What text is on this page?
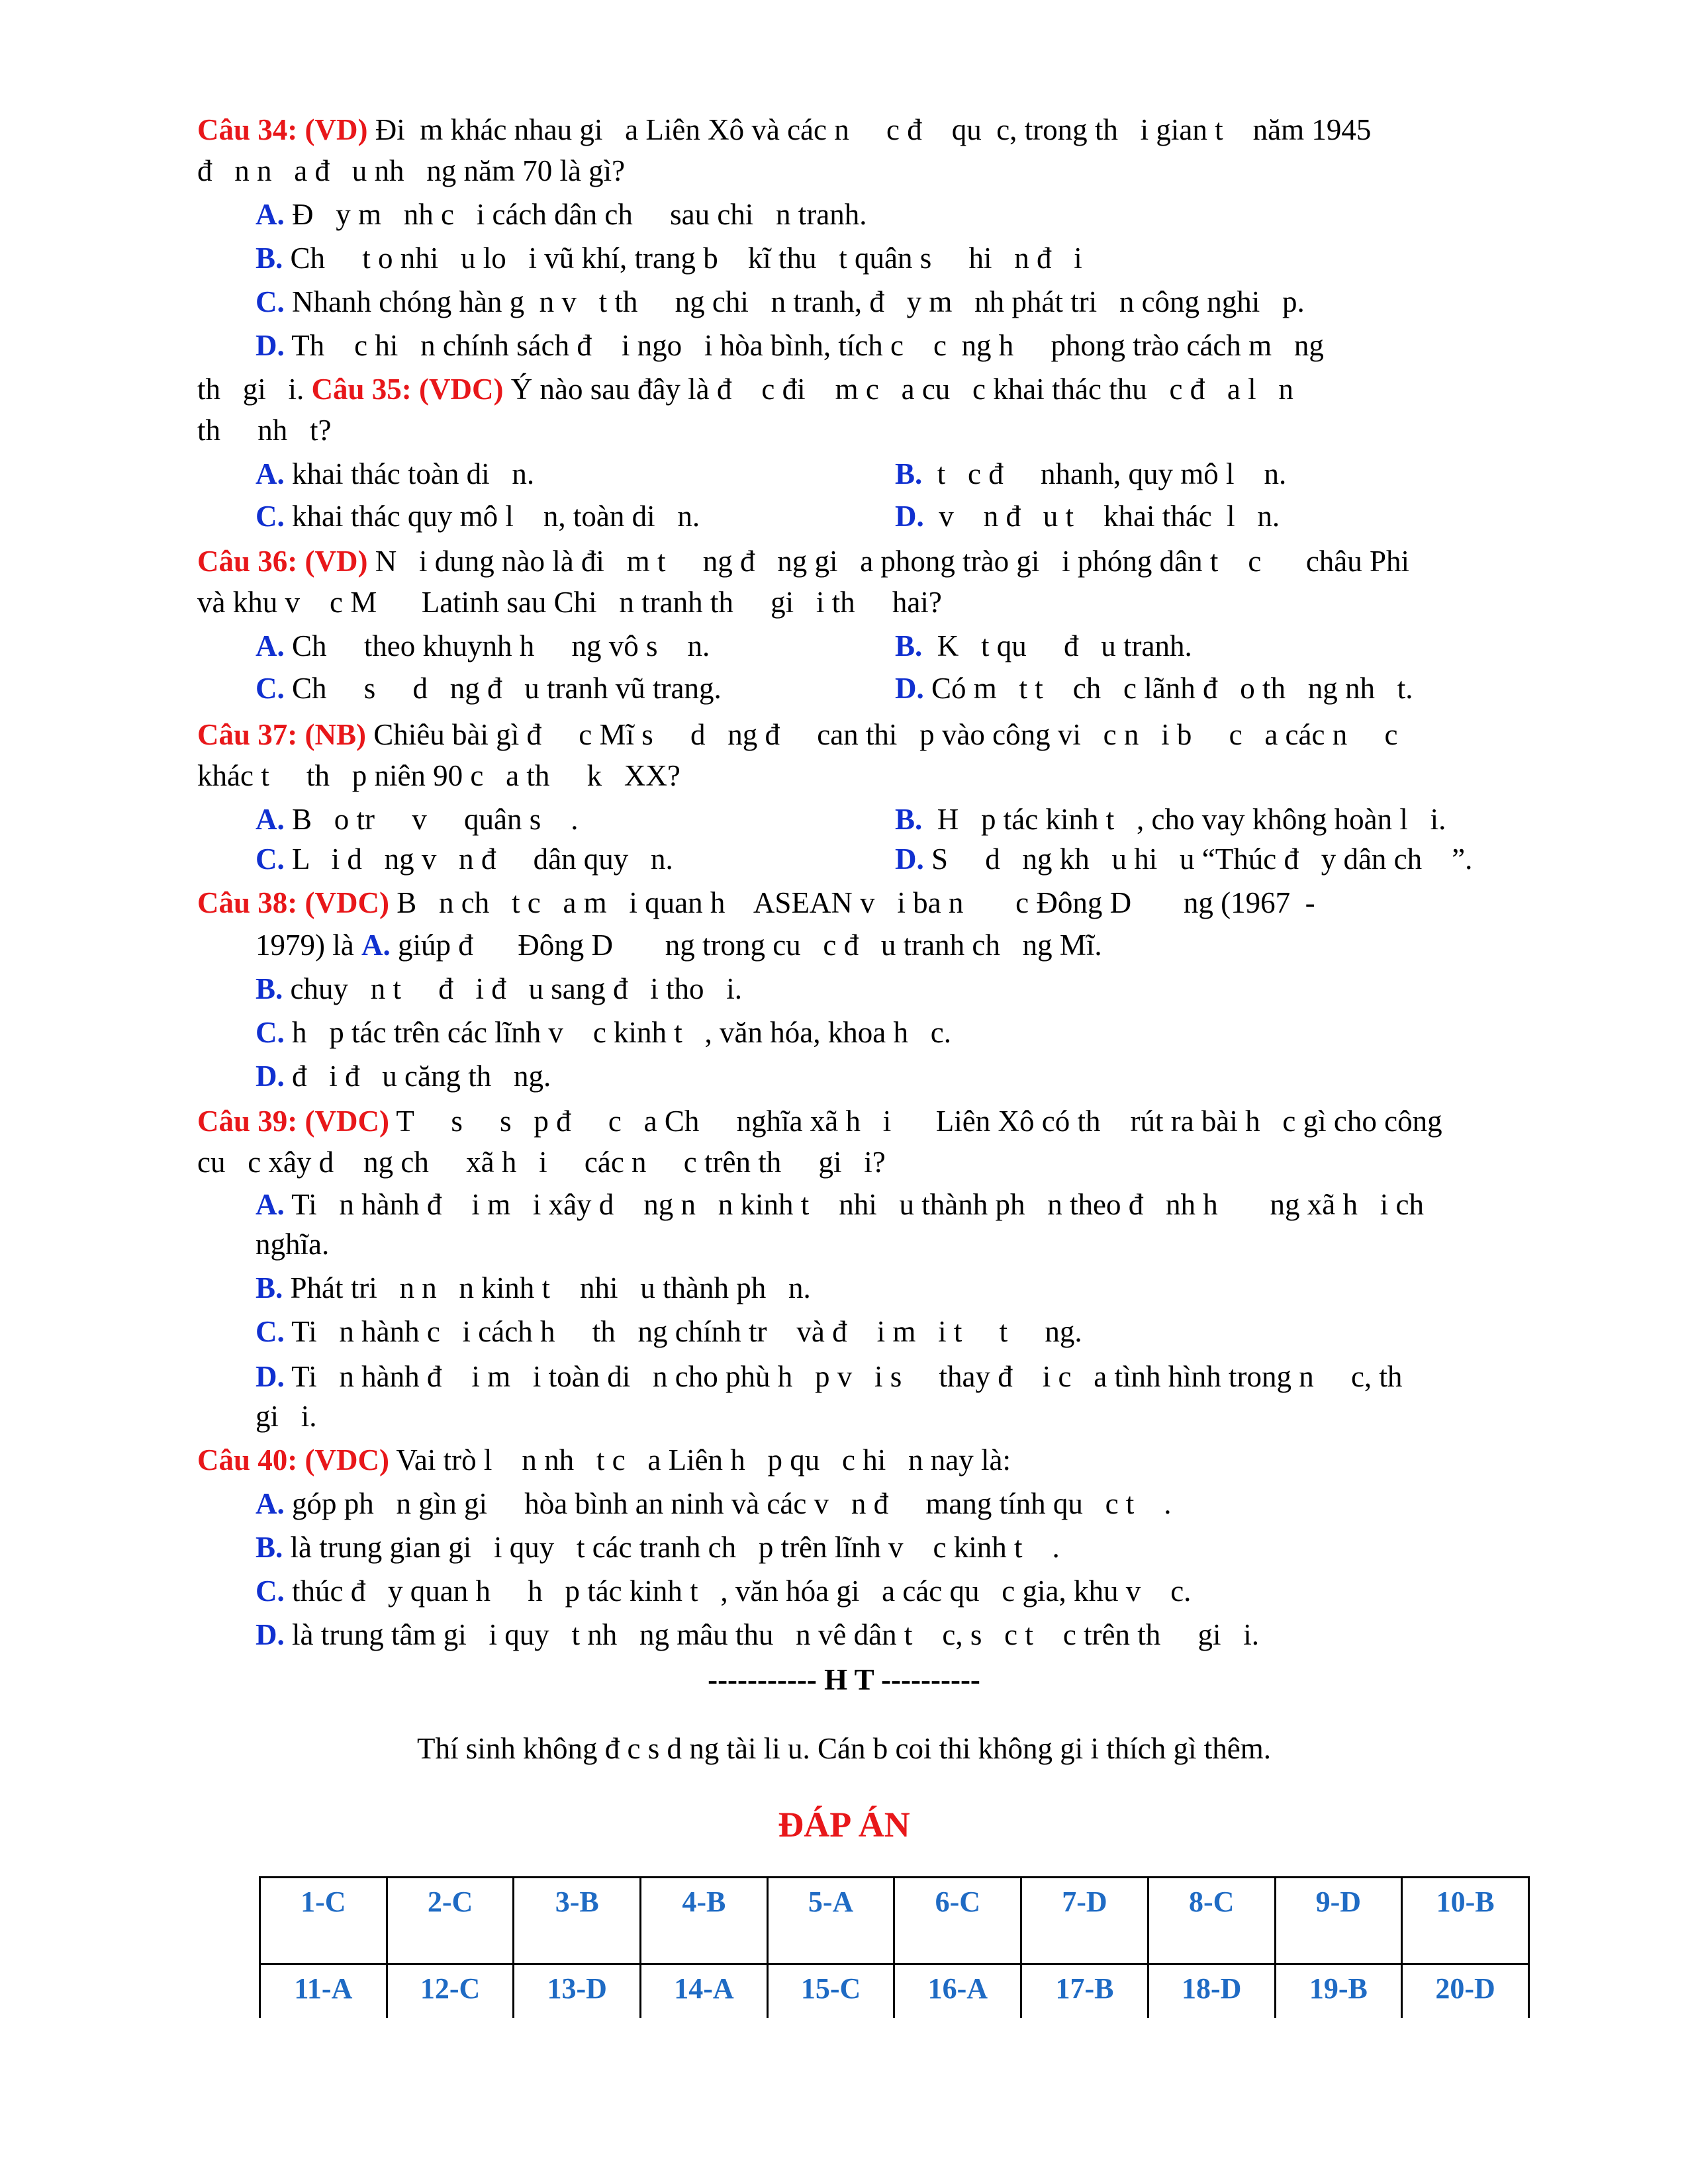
Câu 34: (VD) Đi  m khác nhau gi   a Liên Xô và các n     c đ    qu  c, trong th   i gian t    năm 1945
đ   n n   a đ   u nh   ng năm 70 là gì?
A. Đ   y m   nh c   i cách dân ch     sau chi   n tranh.
B. Ch     t o nhi   u lo   i vũ khí, trang b    kĩ thu   t quân s     hi   n đ   i
C. Nhanh chóng hàn g  n v   t th     ng chi   n tranh, đ   y m   nh phát tri   n công nghi   p.
D. Th    c hi   n chính sách đ    i ngo   i hòa bình, tích c    c  ng h     phong trào cách m   ng
th   gi   i. Câu 35: (VDC) Ý nào sau đây là đ    c đi    m c   a cu   c khai thác thu   c đ   a l   n
th     nh   t?
A. khai thác toàn di   n.	B.  t   c đ     nhanh, quy mô l    n.
C. khai thác quy mô l    n, toàn di   n.	D.  v    n đ   u t    khai thác  l   n.
Câu 36: (VD) N   i dung nào là đi   m t     ng đ   ng gi   a phong trào gi   i phóng dân t    c      châu Phi
và khu v    c M      Latinh sau Chi   n tranh th     gi   i th     hai?
A. Ch     theo khuynh h     ng vô s    n.	B.  K   t qu     đ   u tranh.
C. Ch     s     d   ng đ   u tranh vũ trang.	D. Có m   t t    ch   c lãnh đ   o th   ng nh   t.
Câu 37: (NB) Chiêu bài gì đ     c Mĩ s     d   ng đ     can thi   p vào công vi   c n   i b     c   a các n     c
khác t     th   p niên 90 c   a th     k   XX?
A. B   o tr     v     quân s    .	B.  H   p tác kinh t   , cho vay không hoàn l   i.
C. L   i d   ng v   n đ     dân quy   n.	D. S     d   ng kh   u hi   u “Thúc đ   y dân ch    ”.
Câu 38: (VDC) B   n ch   t c   a m   i quan h    ASEAN v   i ba n       c Đông D       ng (1967  -
1979) là A. giúp đ      Đông D       ng trong cu   c đ   u tranh ch   ng Mĩ.
B. chuy   n t     đ   i đ   u sang đ   i tho   i.
C. h   p tác trên các lĩnh v    c kinh t   , văn hóa, khoa h   c.
D. đ   i đ   u căng th   ng.
Câu 39: (VDC) T     s     s   p đ     c   a Ch     nghĩa xã h   i      Liên Xô có th    rút ra bài h   c gì cho công
cu   c xây d    ng ch     xã h   i     các n     c trên th     gi   i?
A. Ti   n hành đ    i m   i xây d    ng n   n kinh t    nhi   u thành ph   n theo đ   nh h       ng xã h   i ch
nghĩa.
B. Phát tri   n n   n kinh t    nhi   u thành ph   n.
C. Ti   n hành c   i cách h     th   ng chính tr    và đ    i m   i t     t     ng.
D. Ti   n hành đ    i m   i toàn di   n cho phù h   p v   i s     thay đ    i c   a tình hình trong n     c, th
gi   i.
Câu 40: (VDC) Vai trò l    n nh   t c   a Liên h   p qu   c hi   n nay là:
A. góp ph   n gìn gi     hòa bình an ninh và các v   n đ     mang tính qu   c t    .
B. là trung gian gi   i quy   t các tranh ch   p trên lĩnh v    c kinh t    .
C. thúc đ   y quan h     h   p tác kinh t   , văn hóa gi   a các qu   c gia, khu v    c.
D. là trung tâm gi   i quy   t nh   ng mâu thu   n vê dân t    c, s   c t    c trên th     gi   i.
----------- H T ----------
Thí sinh không đ c s d ng tài li u. Cán b coi thi không gi i thích gì thêm.
ĐÁP ÁN
1-C	2-C	3-B	4-B	5-A	6-C	7-D	8-C	9-D	10-B
11-A	12-C	13-D	14-A	15-C	16-A	17-B	18-D	19-B	20-D
